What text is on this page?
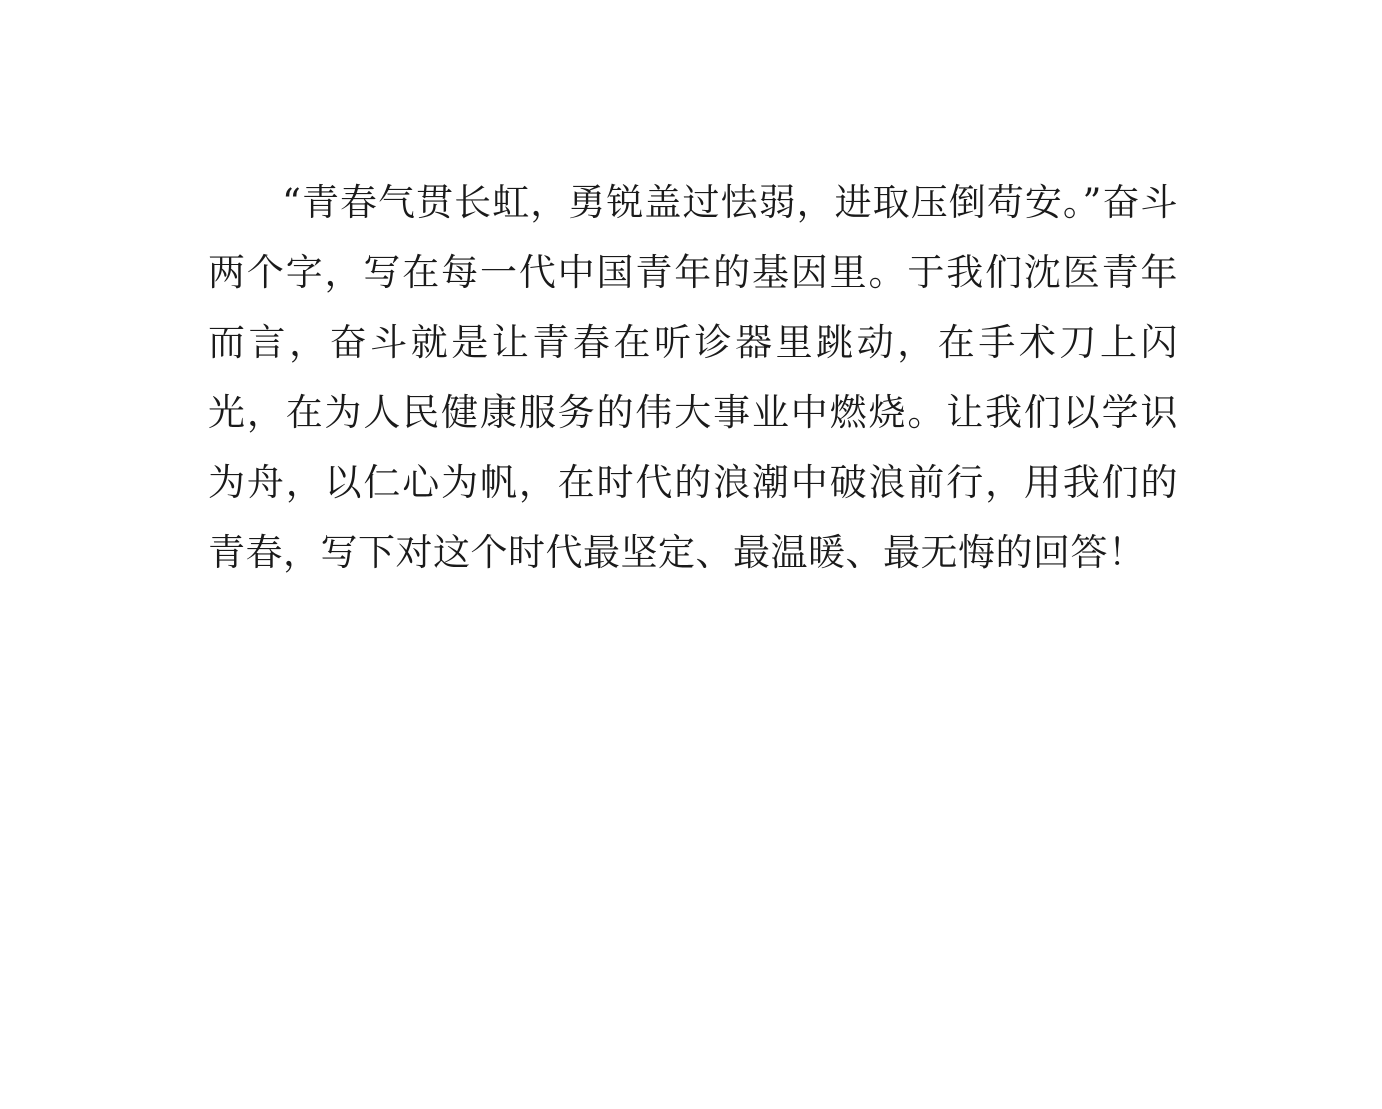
“青春气贯长虹，勇锐盖过怯弱，进取压倒苟安。”奋斗两个字，写在每一代中国青年的基因里。于我们沈医青年而言，奋斗就是让青春在听诊器里跳动，在手术刀上闪光，在为人民健康服务的伟大事业中燃烧。让我们以学识为舟，以仁心为帆，在时代的浪潮中破浪前行，用我们的青春，写下对这个时代最坚定、最温暖、最无悔的回答！
